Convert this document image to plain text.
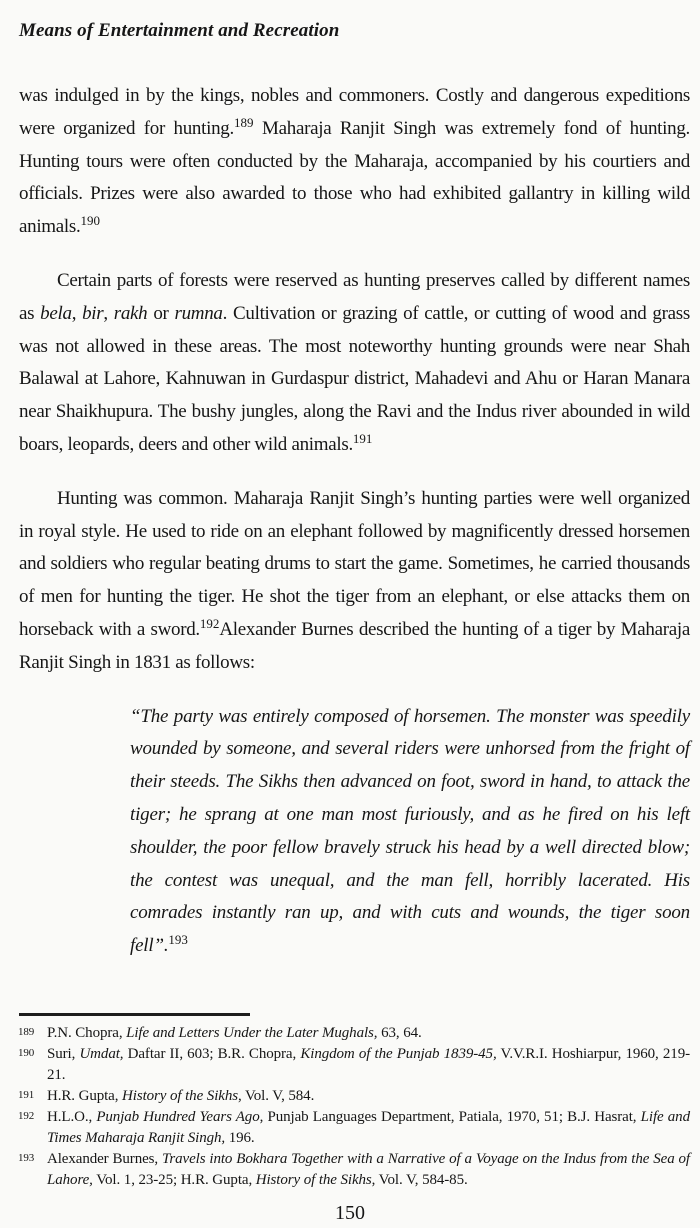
Means of Entertainment and Recreation

was indulged in by the kings, nobles and commoners. Costly and dangerous expeditions were organized for hunting.$^{189}$ Maharaja Ranjit Singh was extremely fond of hunting. Hunting tours were often conducted by the Maharaja, accompanied by his courtiers and officials. Prizes were also awarded to those who had exhibited gallantry in killing wild animals.$^{190}$

Certain parts of forests were reserved as hunting preserves called by different names as bela, bir, rakh or rumna. Cultivation or grazing of cattle, or cutting of wood and grass was not allowed in these areas. The most noteworthy hunting grounds were near Shah Balawal at Lahore, Kahnuwan in Gurdaspur district, Mahadevi and Ahu or Haran Manara near Shaikhupura. The bushy jungles, along the Ravi and the Indus river abounded in wild boars, leopards, deers and other wild animals.$^{191}$

Hunting was common. Maharaja Ranjit Singh’s hunting parties were well organized in royal style. He used to ride on an elephant followed by magnificently dressed horsemen and soldiers who regular beating drums to start the game. Sometimes, he carried thousands of men for hunting the tiger. He shot the tiger from an elephant, or else attacks them on horseback with a sword.$^{192}$Alexander Burnes described the hunting of a tiger by Maharaja Ranjit Singh in 1831 as follows:

“The party was entirely composed of horsemen. The monster was speedily wounded by someone, and several riders were unhorsed from the fright of their steeds. The Sikhs then advanced on foot, sword in hand, to attack the tiger; he sprang at one man most furiously, and as he fired on his left shoulder, the poor fellow bravely struck his head by a well directed blow; the contest was unequal, and the man fell, horribly lacerated. His comrades instantly ran up, and with cuts and wounds, the tiger soon fell”.$^{193}$
189 P.N. Chopra, Life and Letters Under the Later Mughals, 63, 64.
190 Suri, Umdat, Daftar II, 603; B.R. Chopra, Kingdom of the Punjab 1839-45, V.V.R.I. Hoshiarpur, 1960, 219-21.
191 H.R. Gupta, History of the Sikhs, Vol. V, 584.
192 H.L.O., Punjab Hundred Years Ago, Punjab Languages Department, Patiala, 1970, 51; B.J. Hasrat, Life and Times Maharaja Ranjit Singh, 196.
193 Alexander Burnes, Travels into Bokhara Together with a Narrative of a Voyage on the Indus from the Sea of Lahore, Vol. 1, 23-25; H.R. Gupta, History of the Sikhs, Vol. V, 584-85.
150
